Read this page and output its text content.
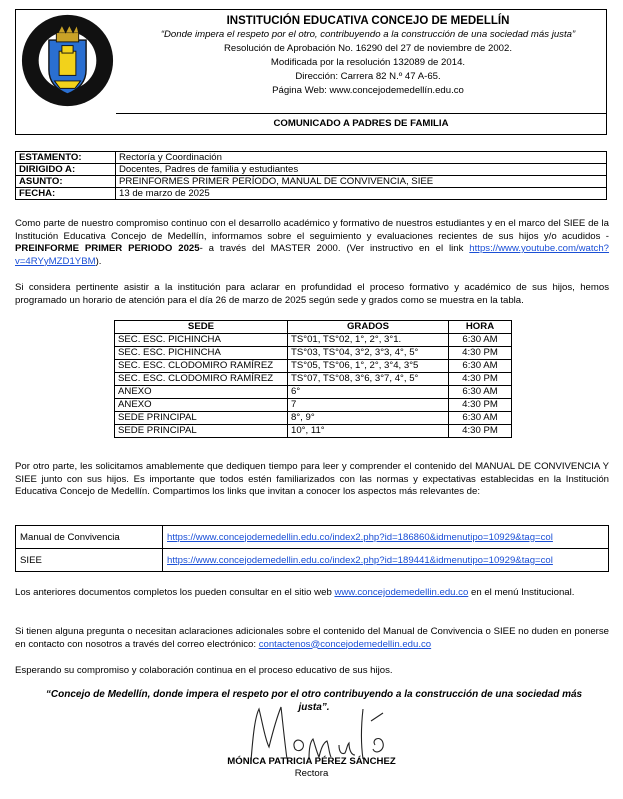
INSTITUCIÓN EDUCATIVA CONCEJO DE MEDELLÍN
“Donde impera el respeto por el otro, contribuyendo a la construcción de una sociedad más justa”
Resolución de Aprobación No. 16290 del 27 de noviembre de 2002.
Modificada por la resolución 132089 de 2014.
Dirección: Carrera 82 N.º 47 A-65.
Página Web: www.concejodemedellín.edu.co
COMUNICADO A PADRES DE FAMILIA
ESTAMENTO:	Rectoría y Coordinación
DIRIGIDO A:	Docentes, Padres de familia y estudiantes
ASUNTO:	PREINFORMES PRIMER PERÍODO, MANUAL DE CONVIVENCIA, SIEE
FECHA:	13 de marzo de 2025
Como parte de nuestro compromiso continuo con el desarrollo académico y formativo de nuestros estudiantes y en el marco del SIEE de la Institución Educativa Concejo de Medellín, informamos sobre el seguimiento y evaluaciones recientes de sus hijos y/o acudidos -PREINFORME PRIMER PERIODO 2025- a través del MASTER 2000. (Ver instructivo en el link https://www.youtube.com/watch?v=4RYyMZD1YBM).
Si considera pertinente asistir a la institución para aclarar en profundidad el proceso formativo y académico de sus hijos, hemos programado un horario de atención para el día 26 de marzo de 2025 según sede y grados como se muestra en la tabla.
SEDE	GRADOS	HORA
SEC. ESC. PICHINCHA	TS°01, TS°02, 1°, 2°, 3°1.	6:30 AM
SEC. ESC. PICHINCHA	TS°03, TS°04, 3°2, 3°3, 4°, 5°	4:30 PM
SEC. ESC. CLODOMIRO RAMÍREZ	TS°05, TS°06, 1°, 2°, 3°4, 3°5	6:30 AM
SEC. ESC. CLODOMIRO RAMÍREZ	TS°07, TS°08, 3°6, 3°7, 4°, 5°	4:30 PM
ANEXO	6°	6:30 AM
ANEXO	7	4:30 PM
SEDE PRINCIPAL	8°, 9°	6:30 AM
SEDE PRINCIPAL	10°, 11°	4:30 PM
Por otro parte, les solicitamos amablemente que dediquen tiempo para leer y comprender el contenido del MANUAL DE CONVIVENCIA Y SIEE junto con sus hijos. Es importante que todos estén familiarizados con las normas y expectativas establecidas en la Institución Educativa Concejo de Medellín. Compartimos los links que invitan a conocer los aspectos más relevantes de:
Manual de Convivencia	https://www.concejodemedellin.edu.co/index2.php?id=186860&idmenutipo=10929&tag=col
SIEE	https://www.concejodemedellin.edu.co/index2.php?id=189441&idmenutipo=10929&tag=col
Los anteriores documentos completos los pueden consultar en el sitio web www.concejodemedellin.edu.co en el menú Institucional.
Si tienen alguna pregunta o necesitan aclaraciones adicionales sobre el contenido del Manual de Convivencia o SIEE no duden en ponerse en contacto con nosotros a través del correo electrónico: contactenos@concejodemedellin.edu.co
Esperando su compromiso y colaboración continua en el proceso educativo de sus hijos.
“Concejo de Medellín, donde impera el respeto por el otro contribuyendo a la construcción de una sociedad más justa”.
MÓNICA PATRICIA PÉREZ SÁNCHEZ
Rectora
